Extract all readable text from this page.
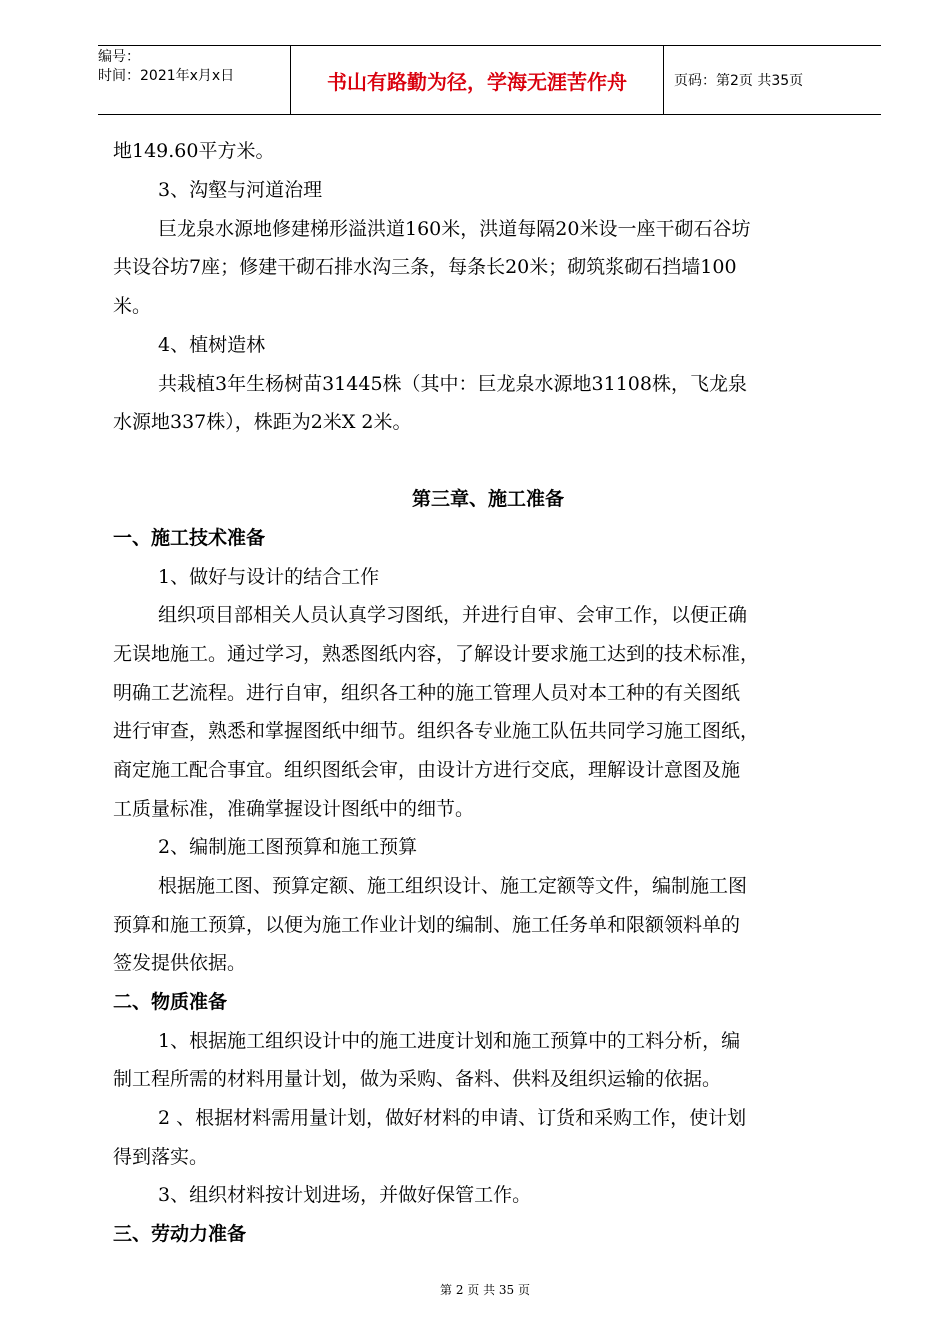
编号：
时间：2021年x月x日	书山有路勤为径，学海无涯苦作舟	页码：第2页 共35页
地149.60平方米。
3、沟壑与河道治理
巨龙泉水源地修建梯形溢洪道160米，洪道每隔20米设一座干砌石谷坊
共设谷坊7座；修建干砌石排水沟三条，每条长20米；砌筑浆砌石挡墙100
米。
4、植树造林
共栽植3年生杨树苗31445株（其中：巨龙泉水源地31108株，飞龙泉
水源地337株），株距为2米X 2米。
第三章、施工准备
一、施工技术准备
1、做好与设计的结合工作
组织项目部相关人员认真学习图纸，并进行自审、会审工作，以便正确
无误地施工。通过学习，熟悉图纸内容，了解设计要求施工达到的技术标准，
明确工艺流程。进行自审，组织各工种的施工管理人员对本工种的有关图纸
进行审查，熟悉和掌握图纸中细节。组织各专业施工队伍共同学习施工图纸，
商定施工配合事宜。组织图纸会审，由设计方进行交底，理解设计意图及施
工质量标准，准确掌握设计图纸中的细节。
2、编制施工图预算和施工预算
根据施工图、预算定额、施工组织设计、施工定额等文件，编制施工图
预算和施工预算，以便为施工作业计划的编制、施工任务单和限额领料单的
签发提供依据。
二、物质准备
1、根据施工组织设计中的施工进度计划和施工预算中的工料分析，编
制工程所需的材料用量计划，做为采购、备料、供料及组织运输的依据。
2 、根据材料需用量计划，做好材料的申请、订货和采购工作，使计划
得到落实。
3、组织材料按计划进场，并做好保管工作。
三、劳动力准备
第 2 页 共 35 页
